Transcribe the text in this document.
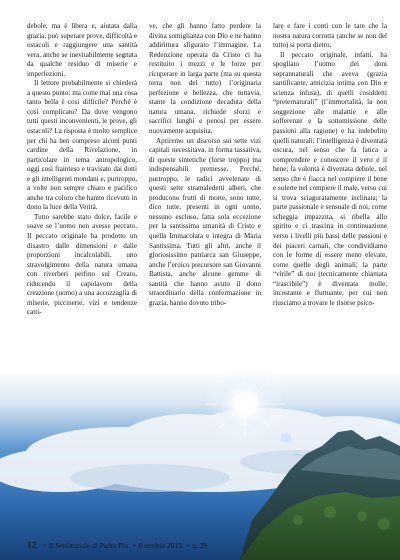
debole, ma è libera e, aiutata dalla grazia, può superare prove, difficoltà e ostacoli e raggiungere una santità vera, anche se inevitabilmente segnata da qualche residuo di miserie e imperfezioni.

Il lettore probabilmente si chiederà a questo punto: ma come mai una cosa tanto bella è così difficile? Perché è così complicato? Da dove vengono tutti questi inconvenienti, le prove, gli ostacoli? La risposta è molto semplice per chi ha ben compreso alcuni punti cardine della Rivelazione, in particolare in tema antropologico, oggi così frainteso e travisato dai dotti e gli intelligenti mondani e, purtroppo, a volte non sempre chiaro e pacifico anche tra coloro che hanno ricevuto in dono la luce della Verità.

Tutto sarebbe stato dolce, facile e soave se l’uomo non avesse peccato. Il peccato originale ha prodotto un disastro dalle dimensioni e dalle proporzioni incalcolabili, uno stravolgimento della natura umana con riverberi perfino sul Creato, riducendo il capolavoro della creazione (uomo) a una accozzaglia di miserie, piccinerie, vizi e tendenze catti-

ve, che gli hanno fatto perdere la divina somiglianza con Dio e ne hanno addirittura sfigurato l’immagine. La Redenzione operata da Cristo ci ha restituito i mezzi e le forze per ricuperare in larga parte (ma su questa terra non del tutto) l’originaria perfezione e bellezza, che tuttavia, stante la condizione decaduta della natura umana, richiede sforzi e sacrifici lunghi e penosi per essere nuovamente acquisita.

Apriremo un discorso sui sette vizi capitali necessitava, in forma tassativa, di queste sintetiche (forse troppo) ma indispensabili premesse. Perché, purtroppo, le radici avvelenate di questi sette stramaledetti alberi, che producono frutti di morte, sono tutte, dico tutte, presenti in ogni uomo, nessuno escluso, fatta sola eccezione per la santissima umanità di Cristo e quella Immacolata e integra di Maria Santissima. Tutti gli altri, anche il gloriosissimo patriarca san Giuseppe, anche l’eroico precursore san Giovanni Battista, anche alcune gemme di santità che hanno avuto il dono straordinario della confermazione in grazia, hanno dovuto tribo-

lare e fare i conti con le tare che la nostra natura corrotta (anche se non del tutto) si porta dietro.

Il peccato originale, infatti, ha spogliato l’uomo dei doni soprannaturali che aveva (grazia santificante, amicizia intima con Dio e scienza infusa), di quelli cosiddetti “preternaturali” (l’immortalità, la non soggezione alle malattie e alle sofferenze e la sottomissione delle passioni alla ragione) e ha indebolito quelli naturali: l’intelligenza è diventata oscura, nel senso che fa fatica a comprendere e conoscere il vero e il bene; la volontà è diventata debole, nel senso che è fiacca nel compiere il bene e solerte nel compiere il male, verso cui si trova sciaguratamente inclinata; la parte passionale e sensuale di noi, come scheggia impazzita, si ribella allo spirito e ci trascina in continuazione verso i livelli più bassi delle passioni e dei piaceri carnali, che condividiamo con le forme di essere meno elevate, come quelle degli animali; la parte “virile” di noi (tecnicamente chiamata “irascibile”) è diventata molle, incostante e fluttuante, per cui non riusciamo a trovare le risorse psico-

12 • Il Settimanale di Padre Pio • 6 ottobre 2013 • n. 39
